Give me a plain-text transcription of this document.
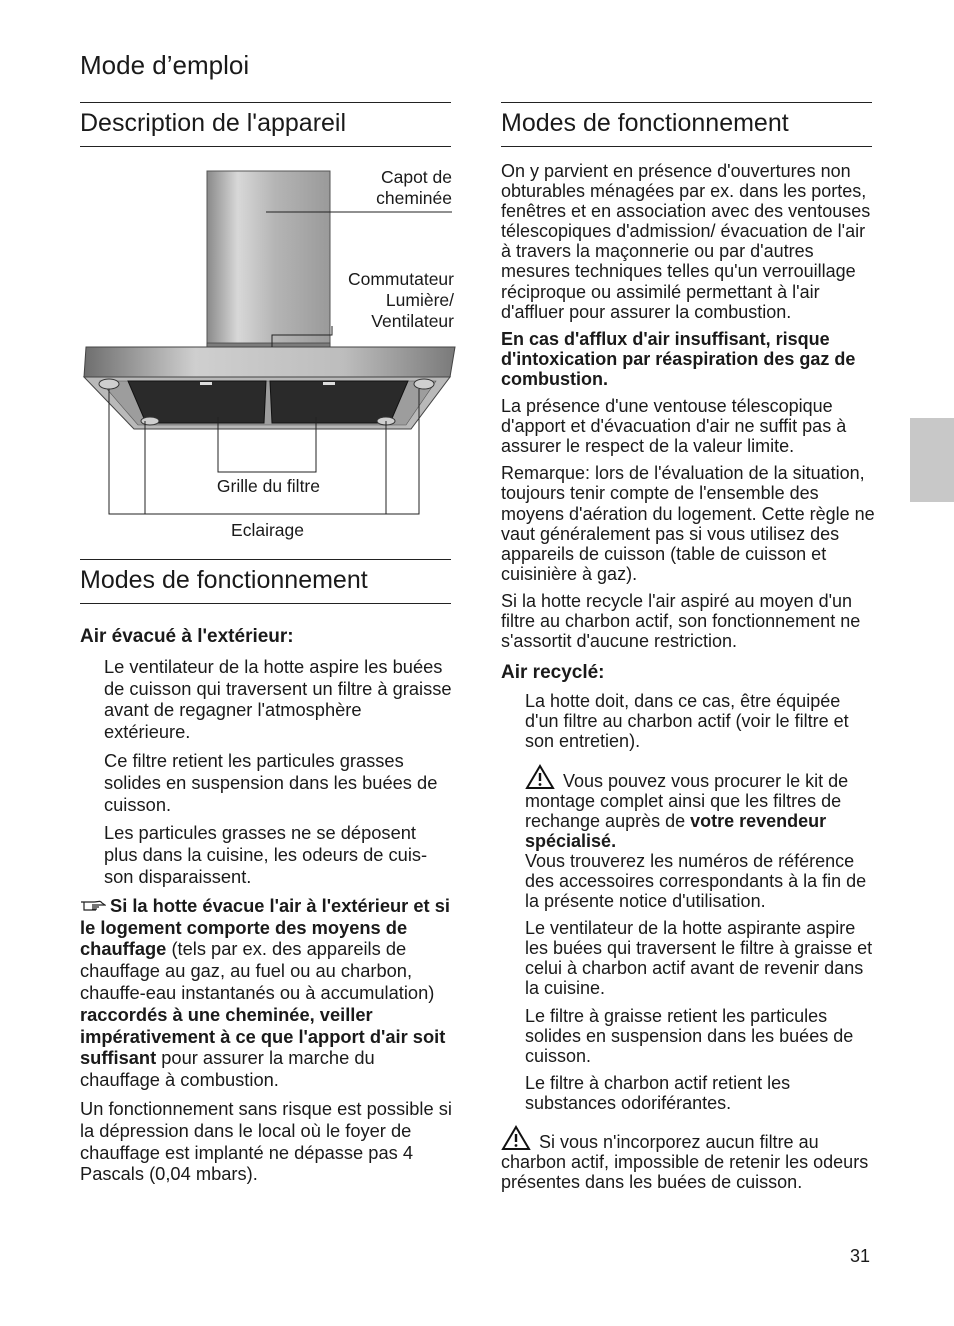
Mode d’emploi
Description de l'appareil
Capot de
cheminée
Commutateur
Lumière/
Ventilateur
Grille du filtre
Eclairage
Modes de fonctionnement
Air évacué à l'extérieur:

Le ventilateur de la hotte aspire les buées de cuisson qui traversent un filtre à graisse avant de regagner l'atmosphère extérieure.

Ce filtre retient les particules grasses solides en suspension dans les buées de cuisson.

Les particules grasses ne se déposent plus dans la cuisine, les odeurs de cuis-son disparaissent.

Si la hotte évacue l'air à l'extérieur et si le logement comporte des moyens de chauffage (tels par ex. des appareils de chauffage au gaz, au fuel ou au charbon, chauffe-eau instantanés ou à accumulation) raccordés à une cheminée, veiller impérativement à ce que l'apport d'air soit suffisant pour assurer la marche du chauffage à combustion.

Un fonctionnement sans risque est possible si la dépression dans le local où le foyer de chauffage est implanté ne dépasse pas 4 Pascals (0,04 mbars).

Modes de fonctionnement

On y parvient en présence d'ouvertures non obturables ménagées par ex. dans les portes, fenêtres et en association avec des ventouses télescopiques d'admission/ évacuation de l'air à travers la maçonnerie ou par d'autres mesures techniques telles qu'un verrouillage réciproque ou assimilé permettant à l'air d'affluer pour assurer la combustion.

En cas d'afflux d'air insuffisant, risque d'intoxication par réaspiration des gaz de combustion.

La présence d'une ventouse télescopique d'apport et d'évacuation d'air ne suffit pas à assurer le respect de la valeur limite.

Remarque: lors de l'évaluation de la situation, toujours tenir compte de l'ensemble des moyens d'aération du logement. Cette règle ne vaut généralement pas si vous utilisez des appareils de cuisson (table de cuisson et cuisinière à gaz).

Si la hotte recycle l'air aspiré au moyen d'un filtre au charbon actif, son fonctionnement ne s'assortit d'aucune restriction.

Air recyclé:

La hotte doit, dans ce cas, être équipée d'un filtre au charbon actif (voir le filtre et son entretien).

Vous pouvez vous procurer le kit de montage complet ainsi que les filtres de rechange auprès de votre revendeur spécialisé.
Vous trouverez les numéros de référence des accessoires correspondants à la fin de la présente notice d'utilisation.

Le ventilateur de la hotte aspirante aspire les buées qui traversent le filtre à graisse et celui à charbon actif avant de revenir dans la cuisine.

Le filtre à graisse retient les particules solides en suspension dans les buées de cuisson.

Le filtre à charbon actif retient les substances odoriférantes.

Si vous n'incorporez aucun filtre au charbon actif, impossible de retenir les odeurs présentes dans les buées de cuisson.

31
